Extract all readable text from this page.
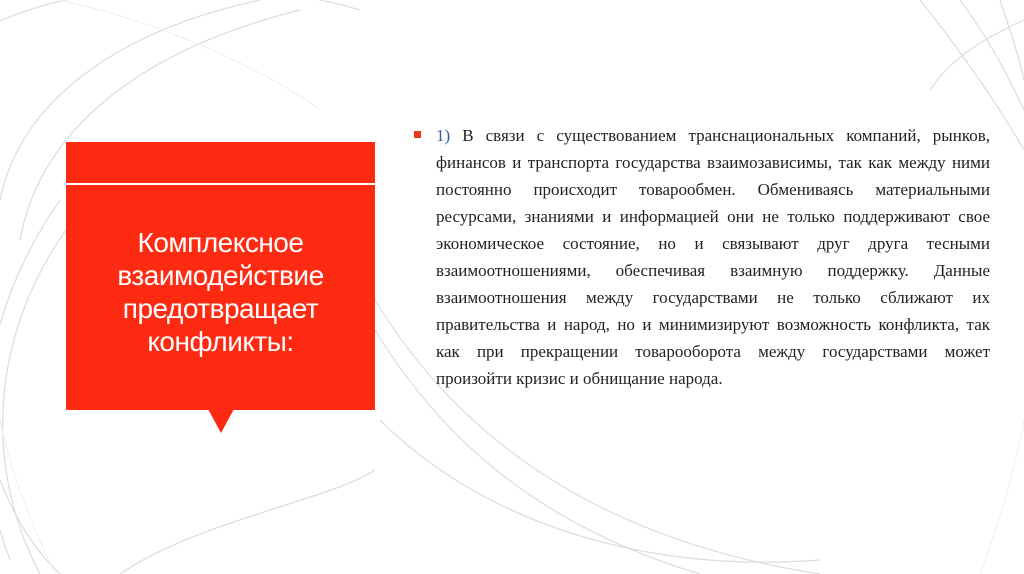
Комплексное
взаимодействие
предотвращает
конфликты:
1) В связи с существованием транснациональных компаний, рынков, финансов и транспорта государства взаимозависимы, так как между ними постоянно происходит товарообмен. Обмениваясь материальными ресурсами, знаниями и информацией они не только поддерживают свое экономическое состояние, но и связывают друг друга тесными взаимоотношениями, обеспечивая взаимную поддержку. Данные взаимоотношения между государствами не только сближают их правительства и народ, но и минимизируют возможность конфликта, так как при прекращении товарооборота между государствами может произойти кризис и обнищание народа.
